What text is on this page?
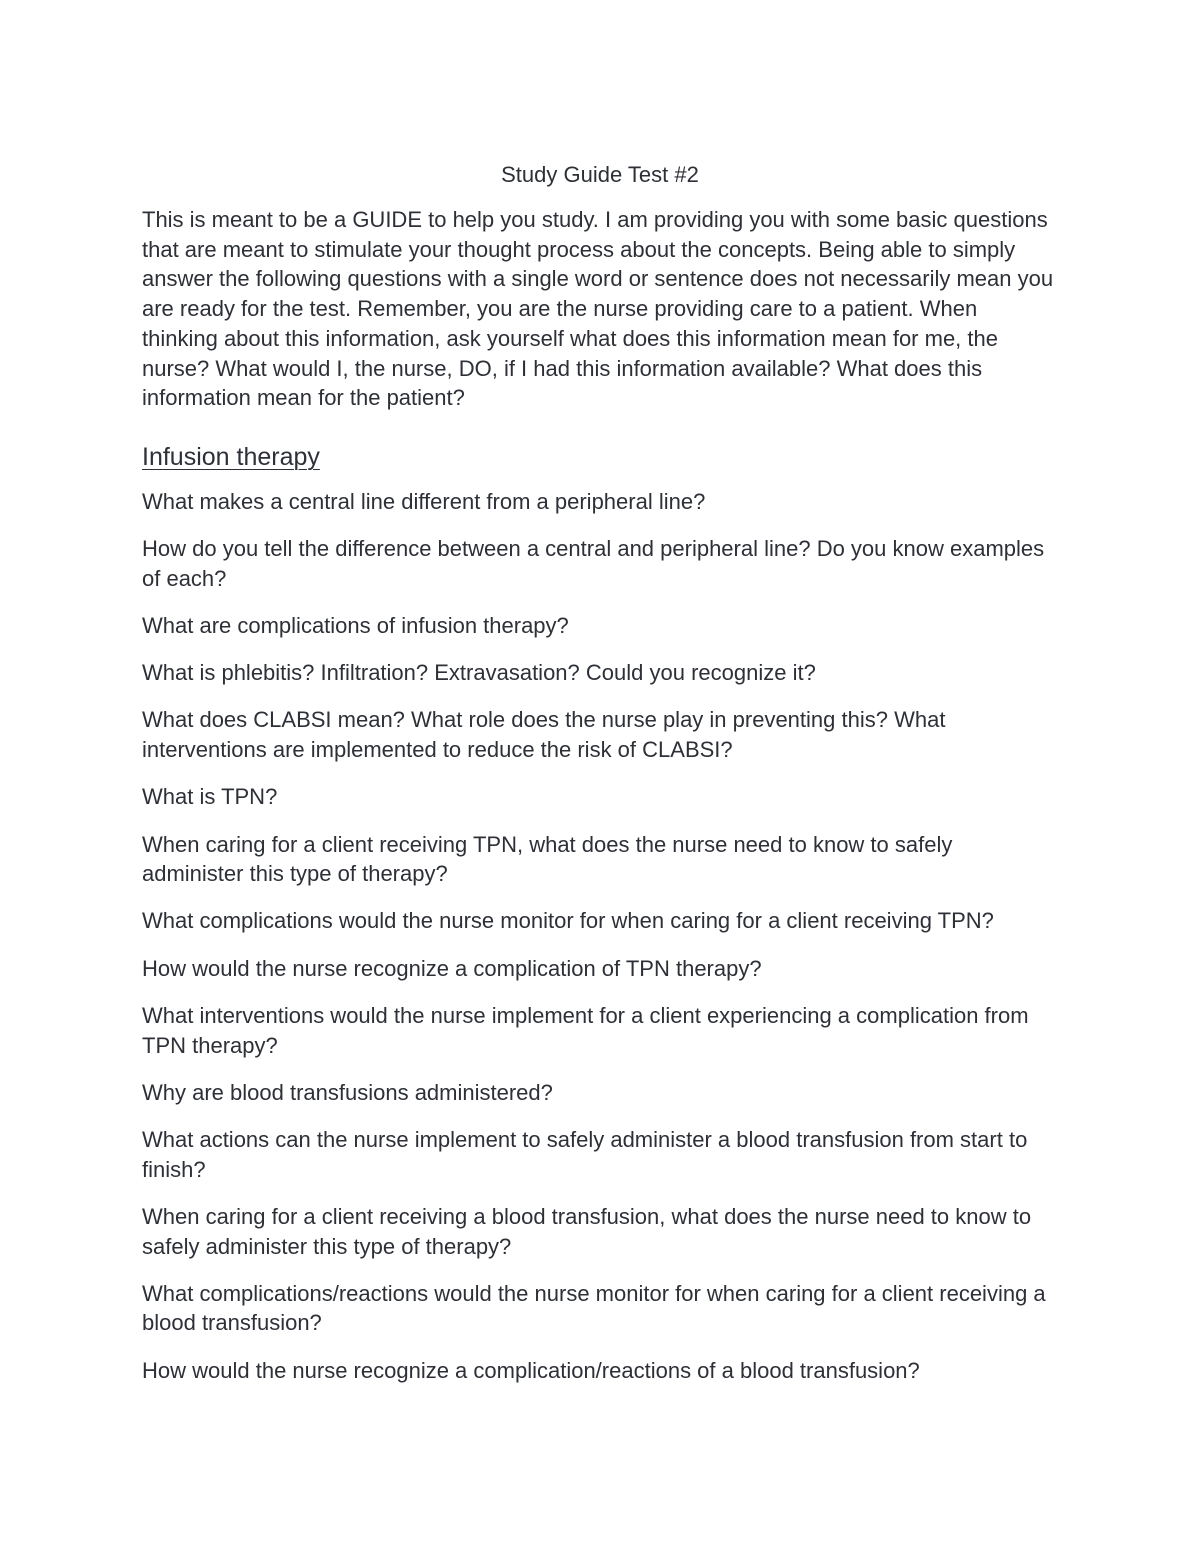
Study Guide Test #2

This is meant to be a GUIDE to help you study. I am providing you with some basic questions that are meant to stimulate your thought process about the concepts. Being able to simply answer the following questions with a single word or sentence does not necessarily mean you are ready for the test. Remember, you are the nurse providing care to a patient. When thinking about this information, ask yourself what does this information mean for me, the nurse? What would I, the nurse, DO, if I had this information available? What does this information mean for the patient?

Infusion therapy
What makes a central line different from a peripheral line?
How do you tell the difference between a central and peripheral line? Do you know examples of each?
What are complications of infusion therapy?
What is phlebitis? Infiltration? Extravasation? Could you recognize it?
What does CLABSI mean? What role does the nurse play in preventing this? What interventions are implemented to reduce the risk of CLABSI?
What is TPN?
When caring for a client receiving TPN, what does the nurse need to know to safely administer this type of therapy?
What complications would the nurse monitor for when caring for a client receiving TPN?
How would the nurse recognize a complication of TPN therapy?
What interventions would the nurse implement for a client experiencing a complication from TPN therapy?
Why are blood transfusions administered?
What actions can the nurse implement to safely administer a blood transfusion from start to finish?
When caring for a client receiving a blood transfusion, what does the nurse need to know to safely administer this type of therapy?
What complications/reactions would the nurse monitor for when caring for a client receiving a blood transfusion?
How would the nurse recognize a complication/reactions of a blood transfusion?
